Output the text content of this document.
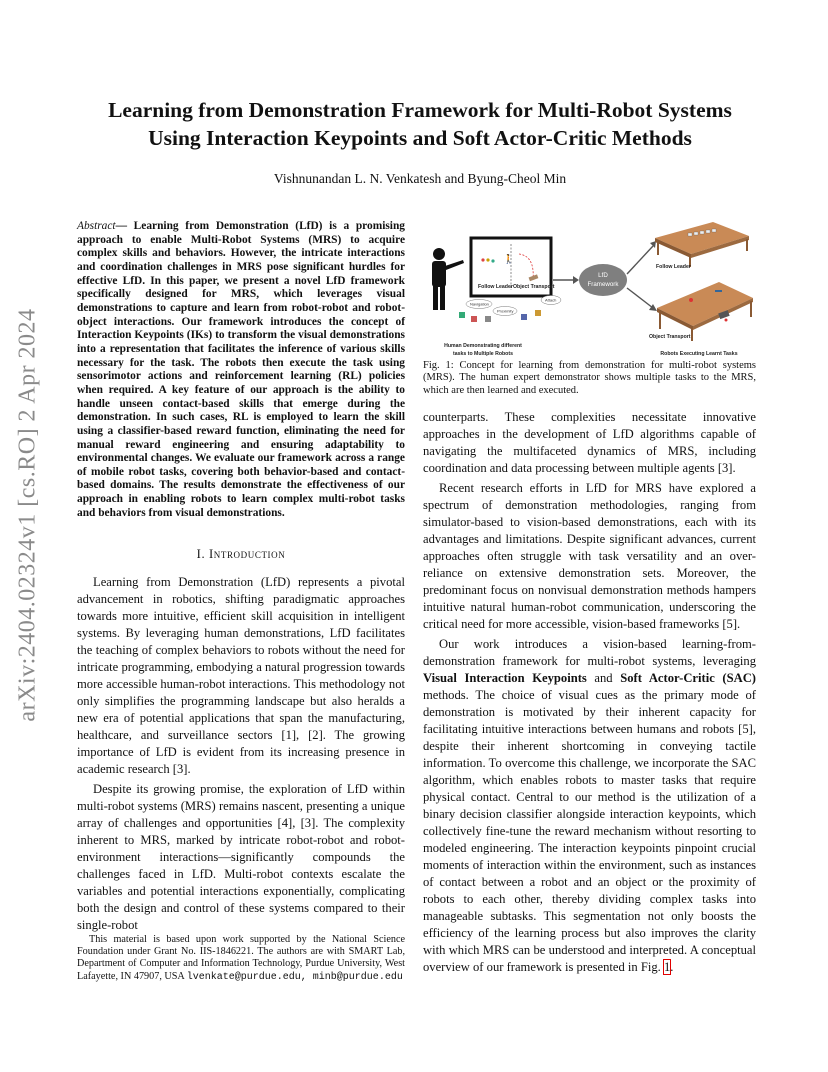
arXiv:2404.02324v1 [cs.RO] 2 Apr 2024
Learning from Demonstration Framework for Multi-Robot Systems
Using Interaction Keypoints and Soft Actor-Critic Methods
Vishnunandan L. N. Venkatesh and Byung-Cheol Min
Abstract— Learning from Demonstration (LfD) is a promising approach to enable Multi-Robot Systems (MRS) to acquire complex skills and behaviors. However, the intricate interactions and coordination challenges in MRS pose significant hurdles for effective LfD. In this paper, we present a novel LfD framework specifically designed for MRS, which leverages visual demonstrations to capture and learn from robot-robot and robot-object interactions. Our framework introduces the concept of Interaction Keypoints (IKs) to transform the visual demonstrations into a representation that facilitates the inference of various skills necessary for the task. The robots then execute the task using sensorimotor actions and reinforcement learning (RL) policies when required. A key feature of our approach is the ability to handle unseen contact-based skills that emerge during the demonstration. In such cases, RL is employed to learn the skill using a classifier-based reward function, eliminating the need for manual reward engineering and ensuring adaptability to environmental changes. We evaluate our framework across a range of mobile robot tasks, covering both behavior-based and contact-based domains. The results demonstrate the effectiveness of our approach in enabling robots to learn complex multi-robot tasks and behaviors from visual demonstrations.
I. Introduction

Learning from Demonstration (LfD) represents a pivotal advancement in robotics, shifting paradigmatic approaches towards more intuitive, efficient skill acquisition in intelligent systems. By leveraging human demonstrations, LfD facilitates the teaching of complex behaviors to robots without the need for intricate programming, embodying a natural progression towards more accessible human-robot interactions. This methodology not only simplifies the programming landscape but also heralds a new era of potential applications that span the manufacturing, healthcare, and surveillance sectors [1], [2]. The growing importance of LfD is evident from its increasing presence in academic research [3].

Despite its growing promise, the exploration of LfD within multi-robot systems (MRS) remains nascent, presenting a unique array of challenges and opportunities [4], [3]. The complexity inherent to MRS, marked by intricate robot-robot and robot-environment interactions—significantly compounds the challenges faced in LfD. Multi-robot contexts escalate the variables and potential interactions exponentially, complicating both the design and control of these systems compared to their single-robot

This material is based upon work supported by the National Science Foundation under Grant No. IIS-1846221. The authors are with SMART Lab, Department of Computer and Information Technology, Purdue University, West Lafayette, IN 47907, USA lvenkate@purdue.edu, minb@purdue.edu
🚶
Follow Leader Object Transport
Navigation
Proximity
Attach
LfD
Framework
Follow Leader
Object Transport
Human Demonstrating different
tasks to Multiple Robots	Robots Executing Learnt Tasks
Fig. 1: Concept for learning from demonstration for multi-robot systems (MRS). The human expert demonstrator shows multiple tasks to the MRS, which are then learned and executed.

counterparts. These complexities necessitate innovative approaches in the development of LfD algorithms capable of navigating the multifaceted dynamics of MRS, including coordination and data processing between multiple agents [3].

Recent research efforts in LfD for MRS have explored a spectrum of demonstration methodologies, ranging from simulator-based to vision-based demonstrations, each with its advantages and limitations. Despite significant advances, current approaches often struggle with task versatility and an over-reliance on extensive demonstration sets. Moreover, the predominant focus on nonvisual demonstration methods hampers intuitive natural human-robot communication, underscoring the critical need for more accessible, vision-based frameworks [5].

Our work introduces a vision-based learning-from-demonstration framework for multi-robot systems, leveraging Visual Interaction Keypoints and Soft Actor-Critic (SAC) methods. The choice of visual cues as the primary mode of demonstration is motivated by their inherent capacity for facilitating intuitive interactions between humans and robots [5], despite their inherent shortcoming in conveying tactile information. To overcome this challenge, we incorporate the SAC algorithm, which enables robots to master tasks that require physical contact. Central to our method is the utilization of a binary decision classifier alongside interaction keypoints, which collectively fine-tune the reward mechanism without resorting to modeled engineering. The interaction keypoints pinpoint crucial moments of interaction within the environment, such as instances of contact between a robot and an object or the proximity of robots to each other, thereby dividing complex tasks into manageable subtasks. This segmentation not only boosts the efficiency of the learning process but also improves the clarity with which MRS can be understood and interpreted. A conceptual overview of our framework is presented in Fig. 1.
